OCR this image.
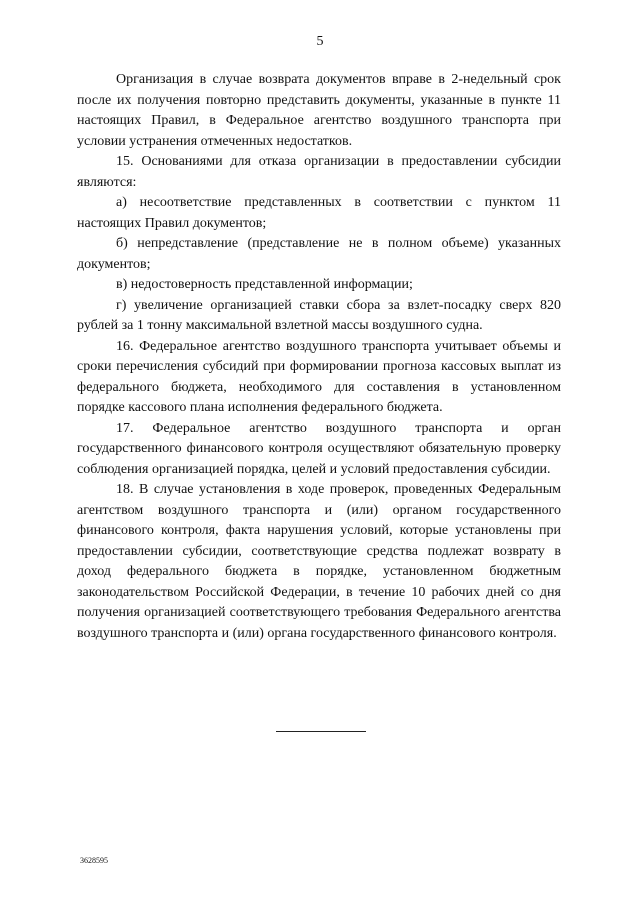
5

Организация в случае возврата документов вправе в 2-недельный срок после их получения повторно представить документы, указанные в пункте 11 настоящих Правил, в Федеральное агентство воздушного транспорта при условии устранения отмеченных недостатков.

15. Основаниями для отказа организации в предоставлении субсидии являются:

а) несоответствие представленных в соответствии с пунктом 11 настоящих Правил документов;

б) непредставление (представление не в полном объеме) указанных документов;

в) недостоверность представленной информации;

г) увеличение организацией ставки сбора за взлет-посадку сверх 820 рублей за 1 тонну максимальной взлетной массы воздушного судна.

16. Федеральное агентство воздушного транспорта учитывает объемы и сроки перечисления субсидий при формировании прогноза кассовых выплат из федерального бюджета, необходимого для составления в установленном порядке кассового плана исполнения федерального бюджета.

17. Федеральное агентство воздушного транспорта и орган государственного финансового контроля осуществляют обязательную проверку соблюдения организацией порядка, целей и условий предоставления субсидии.

18. В случае установления в ходе проверок, проведенных Федеральным агентством воздушного транспорта и (или) органом государственного финансового контроля, факта нарушения условий, которые установлены при предоставлении субсидии, соответствующие средства подлежат возврату в доход федерального бюджета в порядке, установленном бюджетным законодательством Российской Федерации, в течение 10 рабочих дней со дня получения организацией соответствующего требования Федерального агентства воздушного транспорта и (или) органа государственного финансового контроля.

3628595
